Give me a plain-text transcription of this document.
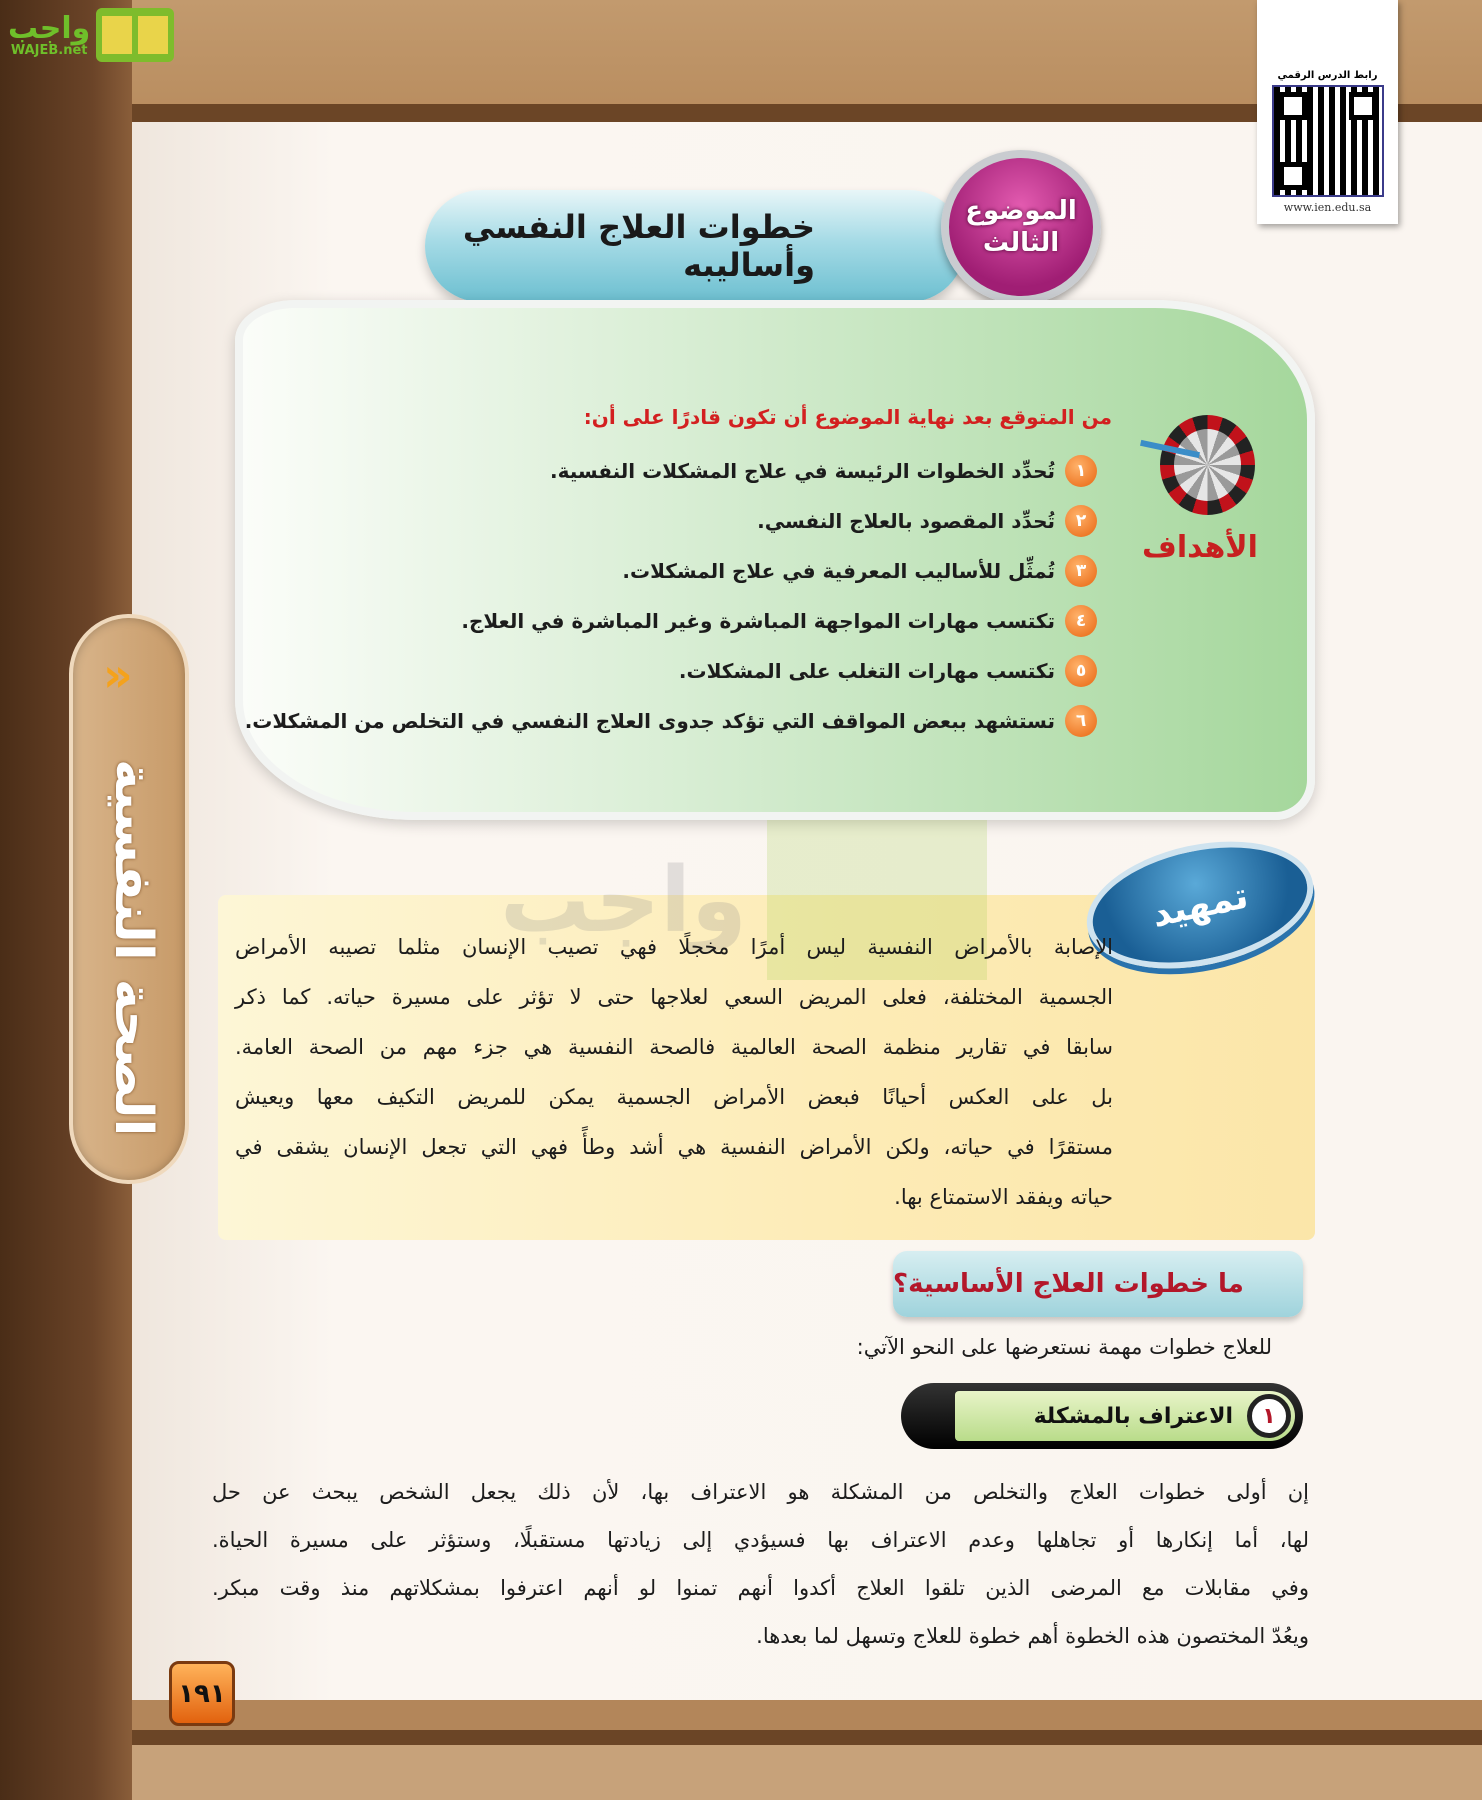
واجب
WAJEB.net
رابط الدرس الرقمي
www.ien.edu.sa
خطوات العلاج النفسي وأساليبه
الموضوع
الثالث
من المتوقع بعد نهاية الموضوع أن تكون قادرًا على أن:
١
تُحدِّد الخطوات الرئيسة في علاج المشكلات النفسية.
٢
تُحدِّد المقصود بالعلاج النفسي.
٣
تُمثِّل للأساليب المعرفية في علاج المشكلات.
٤
تكتسب مهارات المواجهة المباشرة وغير المباشرة في العلاج.
٥
تكتسب مهارات التغلب على المشكلات.
٦
تستشهد ببعض المواقف التي تؤكد جدوى العلاج النفسي في التخلص من المشكلات.
الأهداف
واجب	تمهيد
الإصابة بالأمراض النفسية ليس أمرًا مخجلًا فهي تصيب الإنسان مثلما تصيبه الأمراض
الجسمية المختلفة، فعلى المريض السعي لعلاجها حتى لا تؤثر على مسيرة حياته. كما ذكر
سابقا في تقارير منظمة الصحة العالمية فالصحة النفسية هي جزء مهم من الصحة العامة.
بل على العكس أحيانًا فبعض الأمراض الجسمية يمكن للمريض التكيف معها ويعيش
مستقرًا في حياته، ولكن الأمراض النفسية هي أشد وطأً فهي التي تجعل الإنسان يشقى في
حياته ويفقد الاستمتاع بها.
ما خطوات العلاج الأساسية؟
للعلاج خطوات مهمة نستعرضها على النحو الآتي:
الاعتراف بالمشكلة	١
إن أولى خطوات العلاج والتخلص من المشكلة هو الاعتراف بها، لأن ذلك يجعل الشخص يبحث عن حل
لها، أما إنكارها أو تجاهلها وعدم الاعتراف بها فسيؤدي إلى زيادتها مستقبلًا، وستؤثر على مسيرة الحياة.
وفي مقابلات مع المرضى الذين تلقوا العلاج أكدوا أنهم تمنوا لو أنهم اعترفوا بمشكلاتهم منذ وقت مبكر.
ويعُدّ المختصون هذه الخطوة أهم خطوة للعلاج وتسهل لما بعدها.
»
الصحة النفسية
١٩١
